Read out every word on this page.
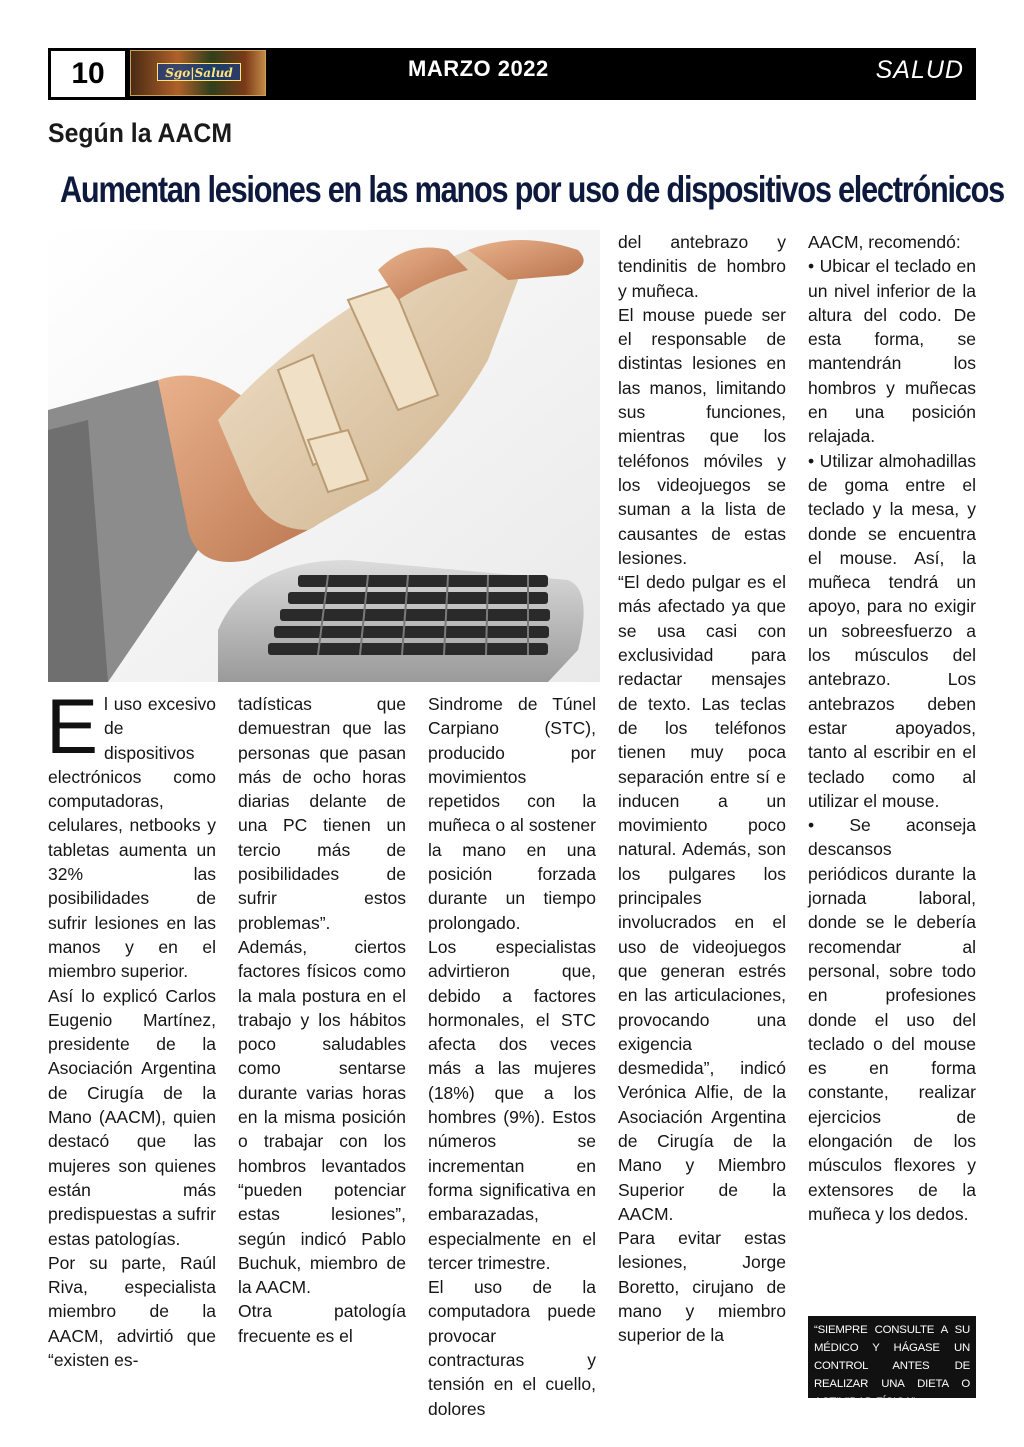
10	Sgo|Salud	MARZO 2022	SALUD
Según la AACM
Aumentan lesiones en las manos por uso de dispositivos electrónicos

El uso excesivo de dispositivos electrónicos como computadoras, celulares, netbooks y tabletas aumenta un 32% las posibilidades de sufrir lesiones en las manos y en el miembro superior.

Así lo explicó Carlos Eugenio Martínez, presidente de la Asociación Argentina de Cirugía de la Mano (AACM), quien destacó que las mujeres son quienes están más predispuestas a sufrir estas patologías.

Por su parte, Raúl Riva, especialista miembro de la AACM, advirtió que “existen es-

tadísticas que demuestran que las personas que pasan más de ocho horas diarias delante de una PC tienen un tercio más de posibilidades de sufrir estos problemas”.

Además, ciertos factores físicos como la mala postura en el trabajo y los hábitos poco saludables como sentarse durante varias horas en la misma posición o trabajar con los hombros levantados “pueden potenciar estas lesiones”, según indicó Pablo Buchuk, miembro de la AACM.

Otra patología frecuente es el

Sindrome de Túnel Carpiano (STC), producido por movimientos repetidos con la muñeca o al sostener la mano en una posición forzada durante un tiempo prolongado.

Los especialistas advirtieron que, debido a factores hormonales, el STC afecta dos veces más a las mujeres (18%) que a los hombres (9%). Estos números se incrementan en forma significativa en embarazadas, especialmente en el tercer trimestre.

El uso de la computadora puede provocar contracturas y tensión en el cuello, dolores

del antebrazo y tendinitis de hombro y muñeca.

El mouse puede ser el responsable de distintas lesiones en las manos, limitando sus funciones, mientras que los teléfonos móviles y los videojuegos se suman a la lista de causantes de estas lesiones.

“El dedo pulgar es el más afectado ya que se usa casi con exclusividad para redactar mensajes de texto. Las teclas de los teléfonos tienen muy poca separación entre sí e inducen a un movimiento poco natural. Además, son los pulgares los principales involucrados en el uso de videojuegos que generan estrés en las articulaciones, provocando una exigencia desmedida”, indicó Verónica Alfie, de la Asociación Argentina de Cirugía de la Mano y Miembro Superior de la AACM.

Para evitar estas lesiones, Jorge Boretto, cirujano de mano y miembro superior de la

AACM, recomendó:

• Ubicar el teclado en un nivel inferior de la altura del codo. De esta forma, se mantendrán los hombros y muñecas en una posición relajada.

• Utilizar almohadillas de goma entre el teclado y la mesa, y donde se encuentra el mouse. Así, la muñeca tendrá un apoyo, para no exigir un sobreesfuerzo a los músculos del antebrazo. Los antebrazos deben estar apoyados, tanto al escribir en el teclado como al utilizar el mouse.

• Se aconseja descansos periódicos durante la jornada laboral, donde se le debería recomendar al personal, sobre todo en profesiones donde el uso del teclado o del mouse es en forma constante, realizar ejercicios de elongación de los músculos flexores y extensores de la muñeca y los dedos.

“SIEMPRE CONSULTE A SU MÉDICO Y HÁGASE UN CONTROL ANTES DE REALIZAR UNA DIETA O ACTIVIDAD FÍSICA”
